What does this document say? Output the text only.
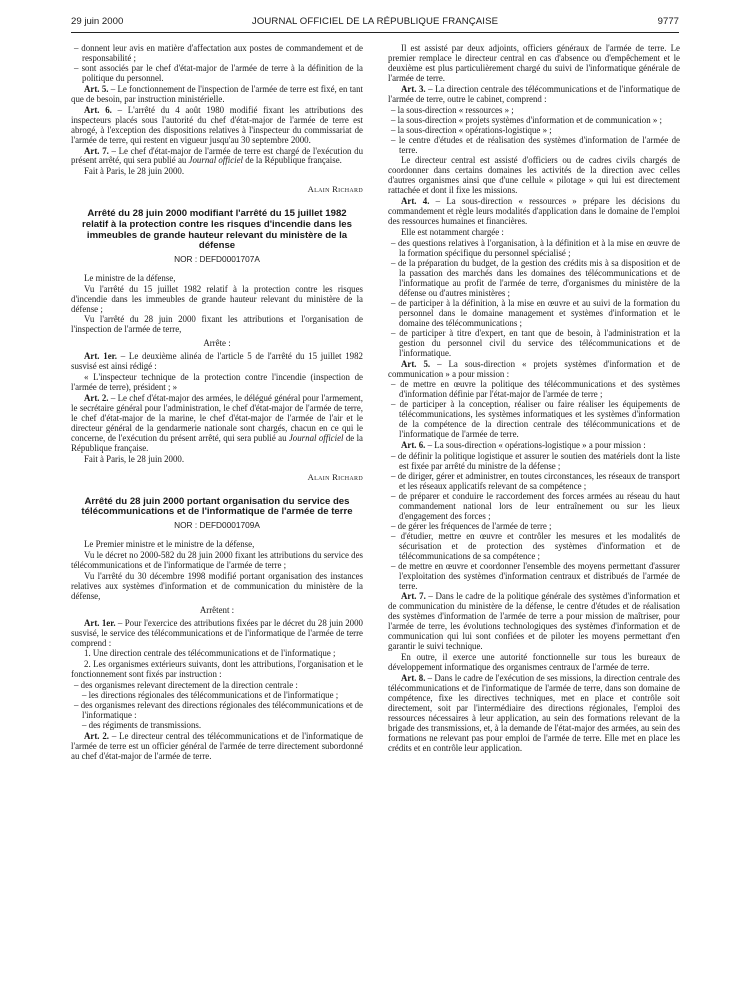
29 juin 2000	JOURNAL OFFICIEL DE LA RÉPUBLIQUE FRANÇAISE	9777
– donnent leur avis en matière d'affectation aux postes de commandement et de responsabilité ;
– sont associés par le chef d'état-major de l'armée de terre à la définition de la politique du personnel.

Art. 5. – Le fonctionnement de l'inspection de l'armée de terre est fixé, en tant que de besoin, par instruction ministérielle.

Art. 6. – L'arrêté du 4 août 1980 modifié fixant les attributions des inspecteurs placés sous l'autorité du chef d'état-major de l'armée de terre est abrogé, à l'exception des dispositions relatives à l'inspecteur du commissariat de l'armée de terre, qui restent en vigueur jusqu'au 30 septembre 2000.

Art. 7. – Le chef d'état-major de l'armée de terre est chargé de l'exécution du présent arrêté, qui sera publié au Journal officiel de la République française.

Fait à Paris, le 28 juin 2000.

Alain Richard
Arrêté du 28 juin 2000 modifiant l'arrêté du 15 juillet 1982 relatif à la protection contre les risques d'incendie dans les immeubles de grande hauteur relevant du ministère de la défense
NOR : DEFD0001707A

Le ministre de la défense,

Vu l'arrêté du 15 juillet 1982 relatif à la protection contre les risques d'incendie dans les immeubles de grande hauteur relevant du ministère de la défense ;

Vu l'arrêté du 28 juin 2000 fixant les attributions et l'organisation de l'inspection de l'armée de terre,

Arrête :

Art. 1er. – Le deuxième alinéa de l'article 5 de l'arrêté du 15 juillet 1982 susvisé est ainsi rédigé :

« L'inspecteur technique de la protection contre l'incendie (inspection de l'armée de terre), président ; »

Art. 2. – Le chef d'état-major des armées, le délégué général pour l'armement, le secrétaire général pour l'administration, le chef d'état-major de l'armée de terre, le chef d'état-major de la marine, le chef d'état-major de l'armée de l'air et le directeur général de la gendarmerie nationale sont chargés, chacun en ce qui le concerne, de l'exécution du présent arrêté, qui sera publié au Journal officiel de la République française.

Fait à Paris, le 28 juin 2000.

Alain Richard
Arrêté du 28 juin 2000 portant organisation du service des télécommunications et de l'informatique de l'armée de terre
NOR : DEFD0001709A

Le Premier ministre et le ministre de la défense,

Vu le décret no 2000-582 du 28 juin 2000 fixant les attributions du service des télécommunications et de l'informatique de l'armée de terre ;

Vu l'arrêté du 30 décembre 1998 modifié portant organisation des instances relatives aux systèmes d'information et de communication du ministère de la défense,

Arrêtent :

Art. 1er. – Pour l'exercice des attributions fixées par le décret du 28 juin 2000 susvisé, le service des télécommunications et de l'informatique de l'armée de terre comprend :

1. Une direction centrale des télécommunications et de l'informatique ;

2. Les organismes extérieurs suivants, dont les attributions, l'organisation et le fonctionnement sont fixés par instruction :

– des organismes relevant directement de la direction centrale :
– les directions régionales des télécommunications et de l'informatique ;
– des organismes relevant des directions régionales des télécommunications et de l'informatique :
– des régiments de transmissions.

Art. 2. – Le directeur central des télécommunications et de l'informatique de l'armée de terre est un officier général de l'armée de terre directement subordonné au chef d'état-major de l'armée de terre.

Il est assisté par deux adjoints, officiers généraux de l'armée de terre. Le premier remplace le directeur central en cas d'absence ou d'empêchement et le deuxième est plus particulièrement chargé du suivi de l'informatique générale de l'armée de terre.

Art. 3. – La direction centrale des télécommunications et de l'informatique de l'armée de terre, outre le cabinet, comprend :

– la sous-direction « ressources » ;
– la sous-direction « projets systèmes d'information et de communication » ;
– la sous-direction « opérations-logistique » ;
– le centre d'études et de réalisation des systèmes d'information de l'armée de terre.

Le directeur central est assisté d'officiers ou de cadres civils chargés de coordonner dans certains domaines les activités de la direction avec celles d'autres organismes ainsi que d'une cellule « pilotage » qui lui est directement rattachée et dont il fixe les missions.

Art. 4. – La sous-direction « ressources » prépare les décisions du commandement et règle leurs modalités d'application dans le domaine de l'emploi des ressources humaines et financières.

Elle est notamment chargée :

– des questions relatives à l'organisation, à la définition et à la mise en œuvre de la formation spécifique du personnel spécialisé ;
– de la préparation du budget, de la gestion des crédits mis à sa disposition et de la passation des marchés dans les domaines des télécommunications et de l'informatique au profit de l'armée de terre, d'organismes du ministère de la défense ou d'autres ministères ;
– de participer à la définition, à la mise en œuvre et au suivi de la formation du personnel dans le domaine management et systèmes d'information et le domaine des télécommunications ;
– de participer à titre d'expert, en tant que de besoin, à l'administration et la gestion du personnel civil du service des télécommunications et de l'informatique.

Art. 5. – La sous-direction « projets systèmes d'information et de communication » a pour mission :

– de mettre en œuvre la politique des télécommunications et des systèmes d'information définie par l'état-major de l'armée de terre ;
– de participer à la conception, réaliser ou faire réaliser les équipements de télécommunications, les systèmes informatiques et les systèmes d'information de la compétence de la direction centrale des télécommunications et de l'informatique de l'armée de terre.

Art. 6. – La sous-direction « opérations-logistique » a pour mission :

– de définir la politique logistique et assurer le soutien des matériels dont la liste est fixée par arrêté du ministre de la défense ;
– de diriger, gérer et administrer, en toutes circonstances, les réseaux de transport et les réseaux applicatifs relevant de sa compétence ;
– de préparer et conduire le raccordement des forces armées au réseau du haut commandement national lors de leur entraînement ou sur les lieux d'engagement des forces ;
– de gérer les fréquences de l'armée de terre ;
– d'étudier, mettre en œuvre et contrôler les mesures et les modalités de sécurisation et de protection des systèmes d'information et de télécommunications de sa compétence ;
– de mettre en œuvre et coordonner l'ensemble des moyens permettant d'assurer l'exploitation des systèmes d'information centraux et distribués de l'armée de terre.

Art. 7. – Dans le cadre de la politique générale des systèmes d'information et de communication du ministère de la défense, le centre d'études et de réalisation des systèmes d'information de l'armée de terre a pour mission de maîtriser, pour l'armée de terre, les évolutions technologiques des systèmes d'information et de communication qui lui sont confiées et de piloter les moyens permettant d'en garantir le suivi technique.

En outre, il exerce une autorité fonctionnelle sur tous les bureaux de développement informatique des organismes centraux de l'armée de terre.

Art. 8. – Dans le cadre de l'exécution de ses missions, la direction centrale des télécommunications et de l'informatique de l'armée de terre, dans son domaine de compétence, fixe les directives techniques, met en place et contrôle soit directement, soit par l'intermédiaire des directions régionales, l'emploi des ressources nécessaires à leur application, au sein des formations relevant de la brigade des transmissions, et, à la demande de l'état-major des armées, au sein des formations ne relevant pas pour emploi de l'armée de terre. Elle met en place les crédits et en contrôle leur application.
